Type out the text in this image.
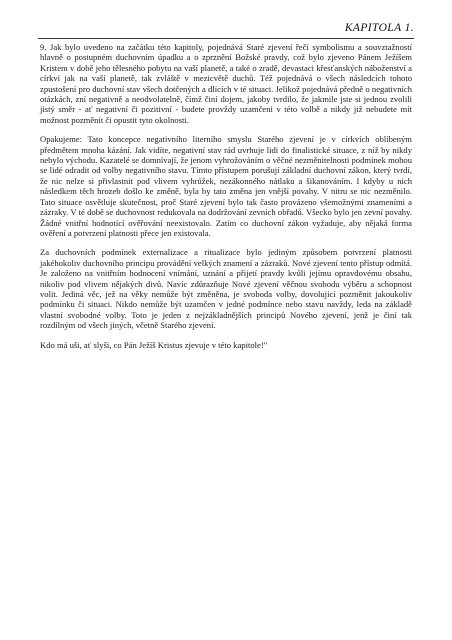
KAPITOLA 1.

9. Jak bylo uvedeno na začátku této kapitoly, pojednává Staré zjevení řečí symbolismu a souvztažností hlavně o postupném duchovním úpadku a o zprznění Božské pravdy, což bylo zjeveno Pánem Ježíšem Kristem v době jeho tělesného pobytu na vaší planetě, a také o zradě, devastaci křesťanských náboženství a církví jak na vaší planetě, tak zvláště v meziсvětě duchů. Též pojednává o všech následcích tohoto zpustošení pro duchovní stav všech dotčených a dlících v té situaci. Jelikož pojednává předně o negativních otázkách, zní negativně a neodvolatelně, čímž činí dojem, jakoby tvrdilo, že jakmile jste si jednou zvolili jistý směr - ať negativní či pozitivní - budete provždy uzamčeni v této volbě a nikdy již nebudete mít možnost pozměnit či opustit tyto okolnosti.

Opakujeme: Tato koncepce negativního literního smyslu Starého zjevení je v církvích oblíbeným předmětem mnoha kázání. Jak vidíte, negativní stav rád uvrhuje lidi do finalistické situace, z níž by nikdy nebylo východu. Kazatelé se domnívají, že jenom vyhrožováním o věčné nezměnitelnosti podmínek mohou se lidé odradit od volby negativního stavu. Tímto přístupem porušují základní duchovní zákon, který tvrdí, že nic nelze si přivlastnit pod vlivem vyhrůžek, nezákonného nátlaku a šikanováním. I kdyby u nich následkem těch hrozeb došlo ke změně, byla by tato změna jen vnější povahy. V nitru se nic nezměnilo. Tato situace osvětluje skutečnost, proč Staré zjevení bylo tak často provázeno všemožnými znameními a zázraky. V té době se duchovnost redukovala na dodržování zevních obřadů. Všecko bylo jen zevní povahy. Žádné vnitřní hodnotící ověřování neexistovalo. Zatím co duchovní zákon vyžaduje, aby nějaká forma ověření a potvrzení platnosti přece jen existovala.

Za duchovních podmínek externalizace a ritualizace bylo jediným způsobem potvrzení platnosti jakéhokoliv duchovního principu provádění velkých znamení a zázraků. Nové zjevení tento přístup odmítá. Je založeno na vnitřním hodnocení vnímání, uznání a přijetí pravdy kvůli jejímu opravdovému obsahu, nikoliv pod vlivem nějakých divů. Navíc zdůrazňuje Nové zjevení věčnou svobodu výběru a schopnost volit. Jediná věc, jež na věky nemůže být změněna, je svoboda volby, dovolující pozměnit jakoukoliv podmínku či situaci. Nikdo nemůže být uzamčen v jedné podmínce nebo stavu navždy, leda na základě vlastní svobodné volby. Toto je jeden z nejzákladnějších principů Nového zjevení, jenž je činí tak rozdílným od všech jiných, včetně Starého zjevení.

Kdo má uši, ať slyší, co Pán Ježíš Kristus zjevuje v této kapitole!"
